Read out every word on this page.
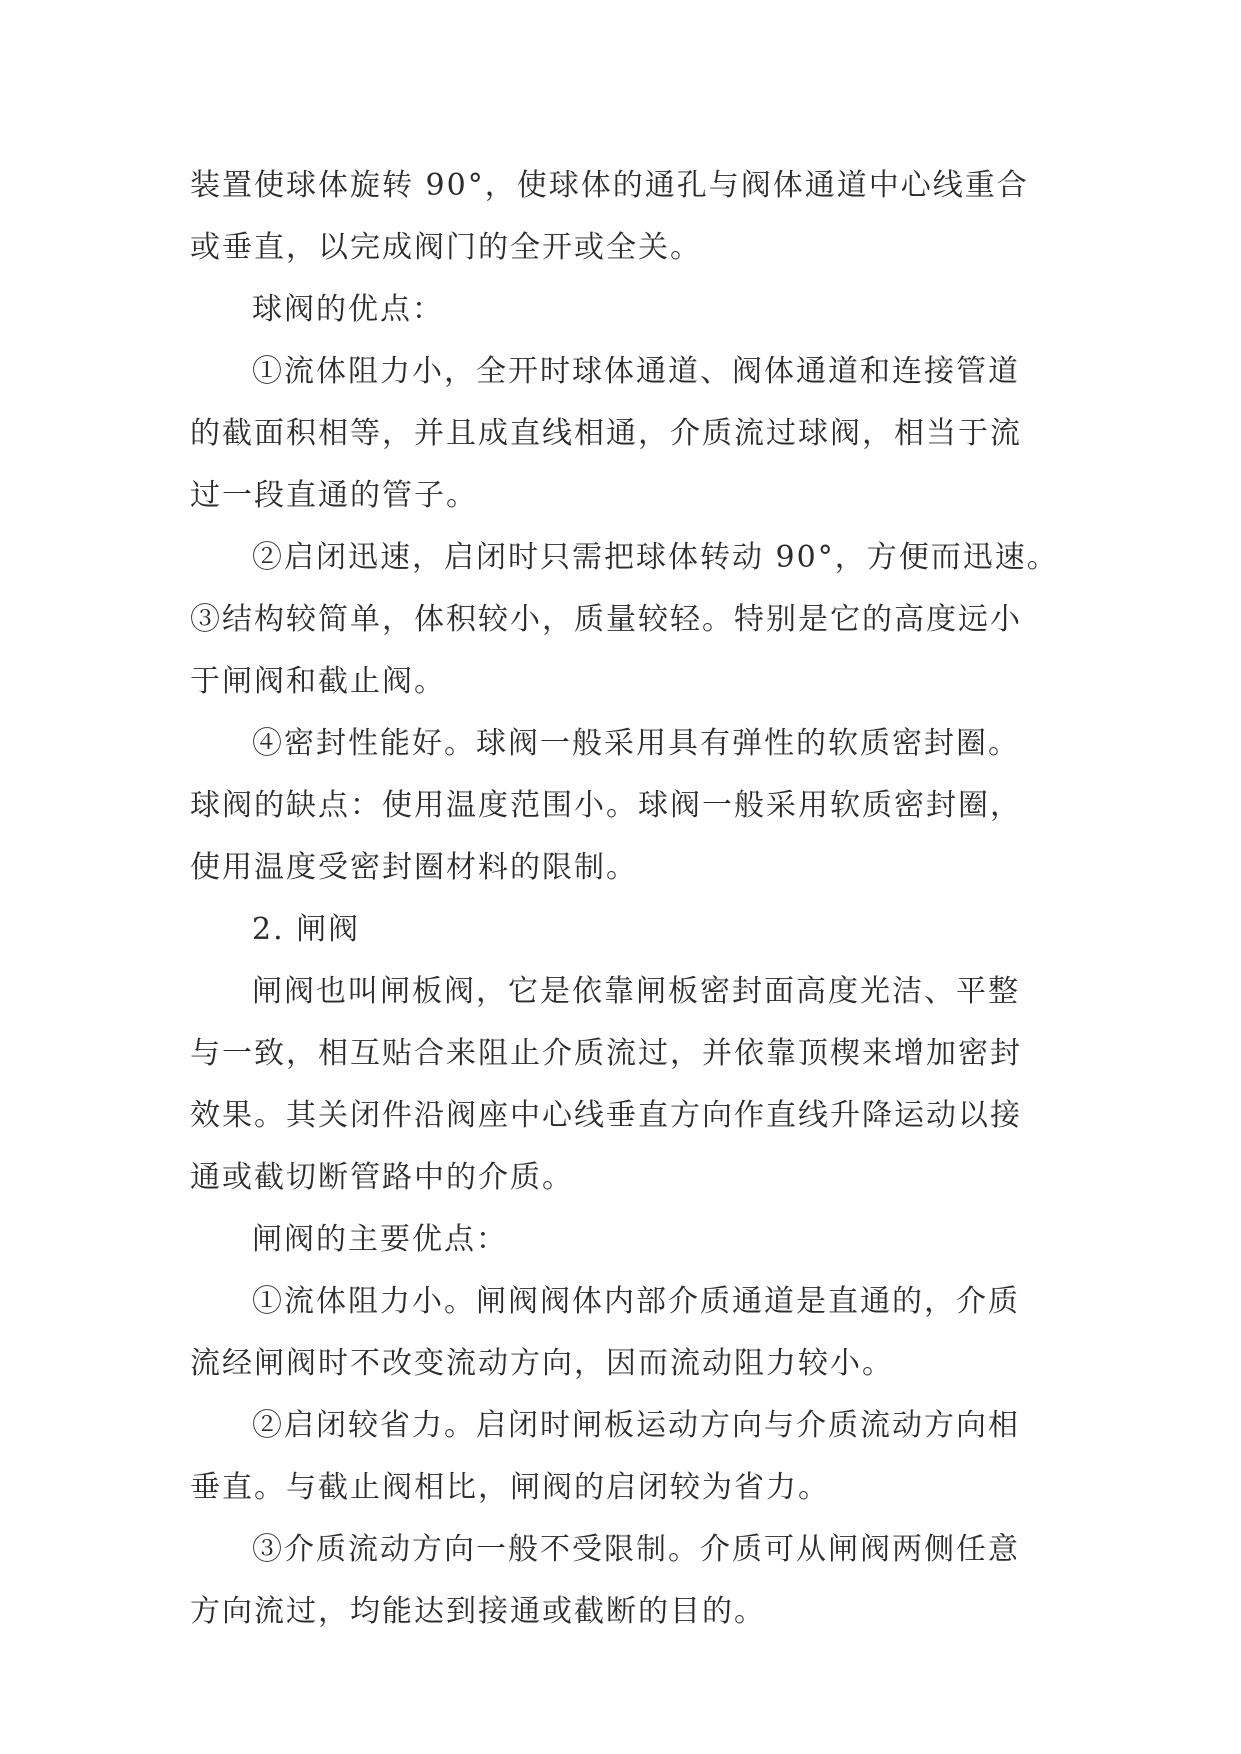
装置使球体旋转 90°，使球体的通孔与阀体通道中心线重合
或垂直，以完成阀门的全开或全关。
球阀的优点：
①流体阻力小，全开时球体通道、阀体通道和连接管道
的截面积相等，并且成直线相通，介质流过球阀，相当于流
过一段直通的管子。
②启闭迅速，启闭时只需把球体转动 90°，方便而迅速。
③结构较简单，体积较小，质量较轻。特别是它的高度远小
于闸阀和截止阀。
④密封性能好。球阀一般采用具有弹性的软质密封圈。
球阀的缺点：使用温度范围小。球阀一般采用软质密封圈，
使用温度受密封圈材料的限制。
2. 闸阀
闸阀也叫闸板阀，它是依靠闸板密封面高度光洁、平整
与一致，相互贴合来阻止介质流过，并依靠顶楔来增加密封
效果。其关闭件沿阀座中心线垂直方向作直线升降运动以接
通或截切断管路中的介质。
闸阀的主要优点：
①流体阻力小。闸阀阀体内部介质通道是直通的，介质
流经闸阀时不改变流动方向，因而流动阻力较小。
②启闭较省力。启闭时闸板运动方向与介质流动方向相
垂直。与截止阀相比，闸阀的启闭较为省力。
③介质流动方向一般不受限制。介质可从闸阀两侧任意
方向流过，均能达到接通或截断的目的。
